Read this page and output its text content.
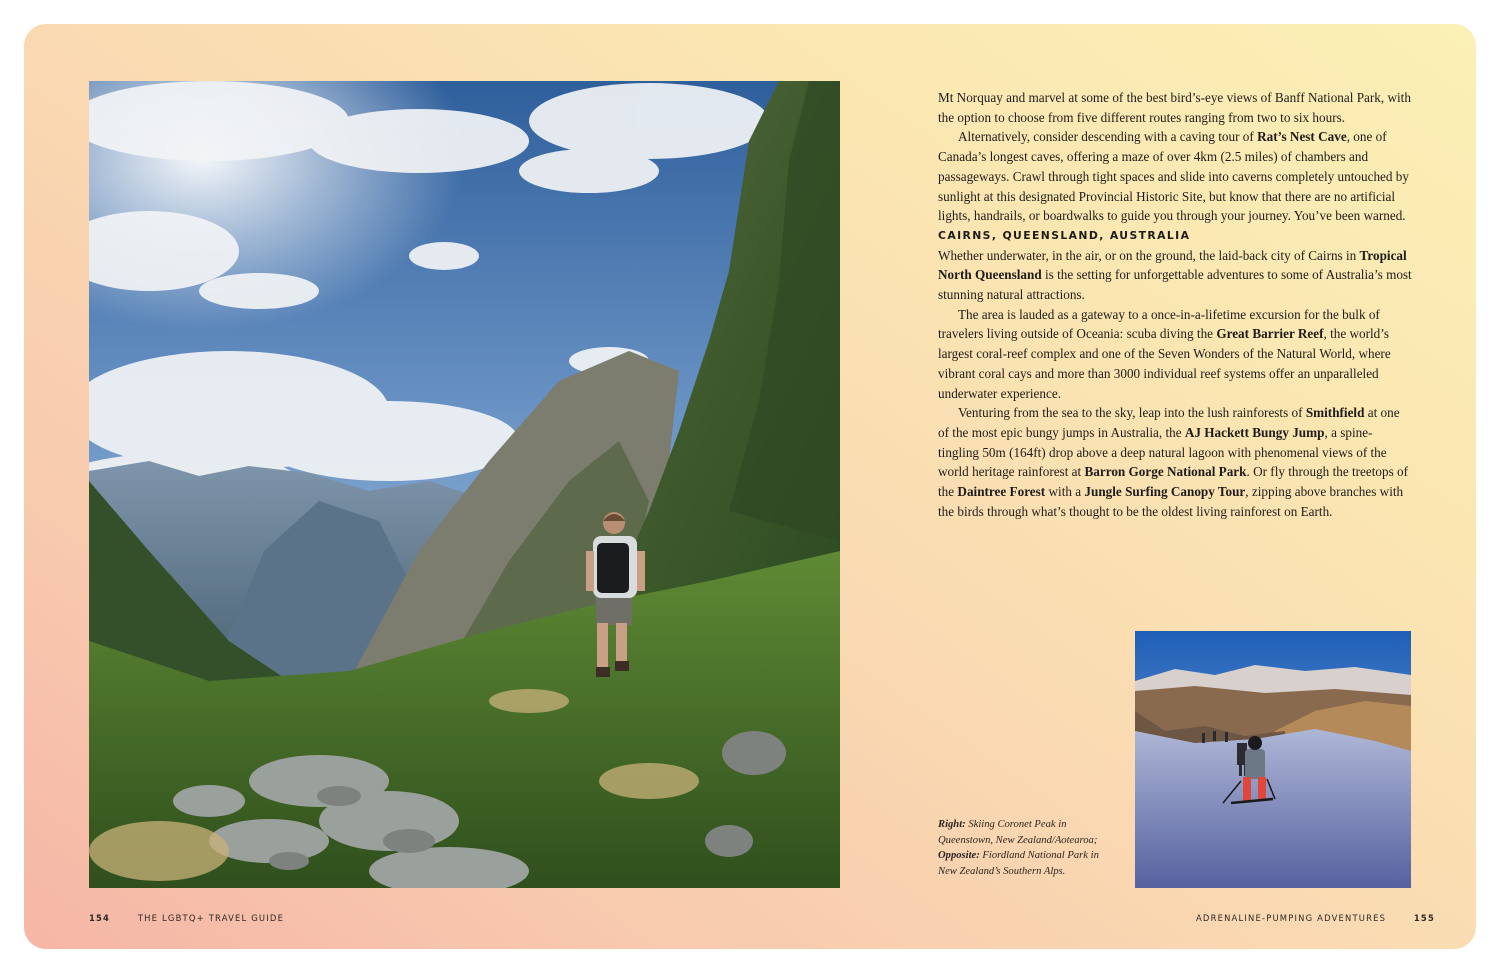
Mt Norquay and marvel at some of the best bird’s-eye views of Banff National Park, with the option to choose from five different routes ranging from two to six hours.

Alternatively, consider descending with a caving tour of Rat’s Nest Cave, one of Canada’s longest caves, offering a maze of over 4km (2.5 miles) of chambers and passageways. Crawl through tight spaces and slide into caverns completely untouched by sunlight at this designated Provincial Historic Site, but know that there are no artificial lights, handrails, or boardwalks to guide you through your journey. You’ve been warned.

CAIRNS, QUEENSLAND, AUSTRALIA

Whether underwater, in the air, or on the ground, the laid-back city of Cairns in Tropical North Queensland is the setting for unforgettable adventures to some of Australia’s most stunning natural attractions.

The area is lauded as a gateway to a once-in-a-lifetime excursion for the bulk of travelers living outside of Oceania: scuba diving the Great Barrier Reef, the world’s largest coral-reef complex and one of the Seven Wonders of the Natural World, where vibrant coral cays and more than 3000 individual reef systems offer an unparalleled underwater experience.

Venturing from the sea to the sky, leap into the lush rainforests of Smithfield at one of the most epic bungy jumps in Australia, the AJ Hackett Bungy Jump, a spine-tingling 50m (164ft) drop above a deep natural lagoon with phenomenal views of the world heritage rainforest at Barron Gorge National Park. Or fly through the treetops of the Daintree Forest with a Jungle Surfing Canopy Tour, zipping above branches with the birds through what’s thought to be the oldest living rainforest on Earth.

Right: Skiing Coronet Peak in Queenstown, New Zealand/Aotearoa;
Opposite: Fiordland National Park in New Zealand’s Southern Alps.
154	THE LGBTQ+ TRAVEL GUIDE	ADRENALINE-PUMPING ADVENTURES	155
